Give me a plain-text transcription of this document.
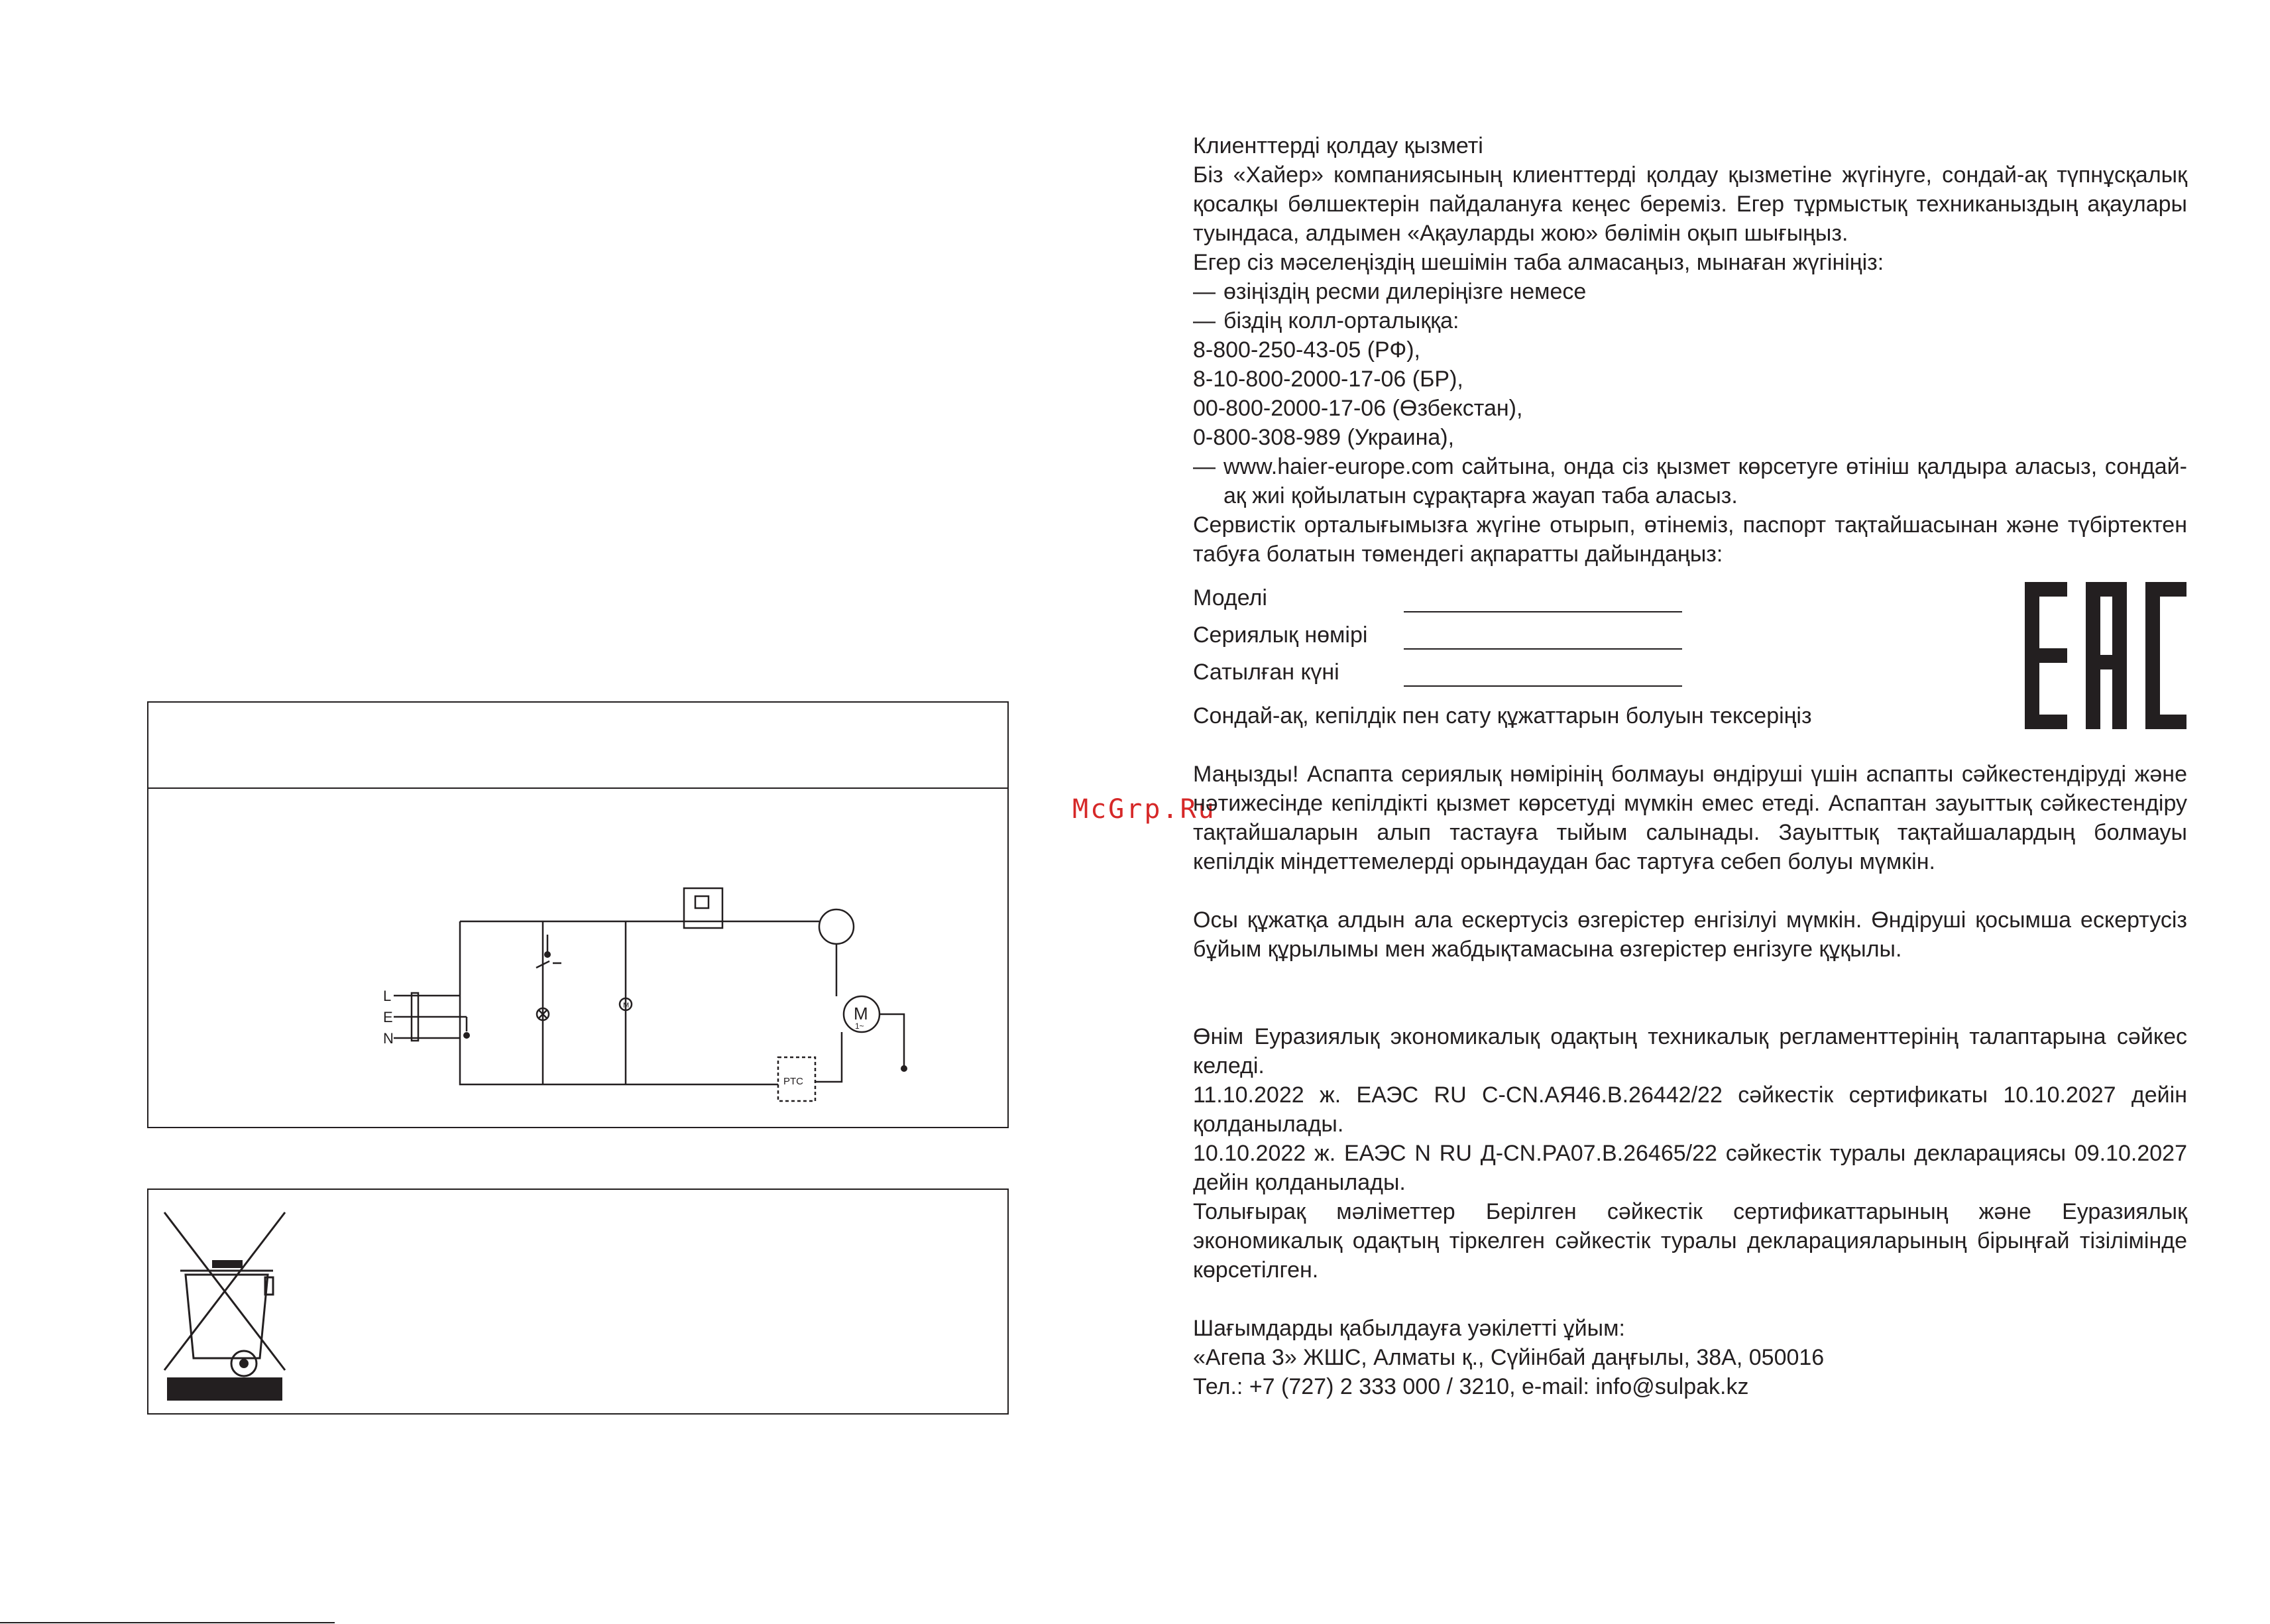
L
E
N
M
1~
M
PTC
McGrp.Ru

Клиенттерді қолдау қызметі

Біз «Хайер» компаниясының клиенттерді қолдау қызметіне жүгінуге, сондай-ақ түпнұсқалық қосалқы бөлшектерін пайдалануға кеңес береміз. Егер тұрмыстық техниканыздың ақаулары туындаса, алдымен «Ақауларды жою» бөлімін оқып шығыңыз.

Егер сіз мәселеңіздің шешімін таба алмасаңыз, мынаған жүгініңіз:

— өзіңіздің ресми дилеріңізге немесе
— біздің колл-орталыққа:

8-800-250-43-05 (РФ),

8-10-800-2000-17-06 (БР),

00-800-2000-17-06 (Өзбекстан),

0-800-308-989 (Украина),

— www.haier-europe.com сайтына, онда сіз қызмет көрсетуге өтініш қалдыра аласыз, сондай-ақ жиі қойылатын сұрақтарға жауап таба аласыз.

Сервистік орталығымызға жүгіне отырып, өтінеміз, паспорт тақтайшасынан және түбіртектен табуға болатын төмендегі ақпаратты дайындаңыз:

Моделі
Сериялық нөмірі
Сатылған күні

Сондай-ақ, кепілдік пен сату құжаттарын болуын тексеріңіз

Маңызды! Аспапта сериялық нөмірінің болмауы өндіруші үшін аспапты сәйкестендіруді және нәтижесінде кепілдікті қызмет көрсетуді мүмкін емес етеді. Аспаптан зауыттық сәйкестендіру тақтайшаларын алып тастауға тыйым салынады. Зауыттық тақтайшалардың болмауы кепілдік міндеттемелерді орындаудан бас тартуға себеп болуы мүмкін.

Осы құжатқа алдын ала ескертусіз өзгерістер енгізілуі мүмкін. Өндіруші қосымша ескертусіз бұйым құрылымы мен жабдықтамасына өзгерістер енгізуге құқылы.

Өнім Еуразиялық экономикалық одақтың техникалық регламенттерінің талаптарына сәйкес келеді.

11.10.2022 ж. ЕАЭС RU C-CN.АЯ46.В.26442/22 сәйкестік сертификаты 10.10.2027 дейін қолданылады.

10.10.2022 ж. ЕАЭС N RU Д-CN.РА07.В.26465/22 сәйкестік туралы декларациясы 09.10.2027 дейін қолданылады.

Толығырақ мәліметтер Берілген сәйкестік сертификаттарының және Еуразиялық экономикалық одақтың тіркелген сәйкестік туралы декларацияларының бірыңғай тізілімінде көрсетілген.

Шағымдарды қабылдауға уәкілетті ұйым:

«Агепа 3» ЖШС, Алматы қ., Сүйінбай даңғылы, 38А, 050016

Тел.: +7 (727) 2 333 000 / 3210, e-mail: info@sulpak.kz
